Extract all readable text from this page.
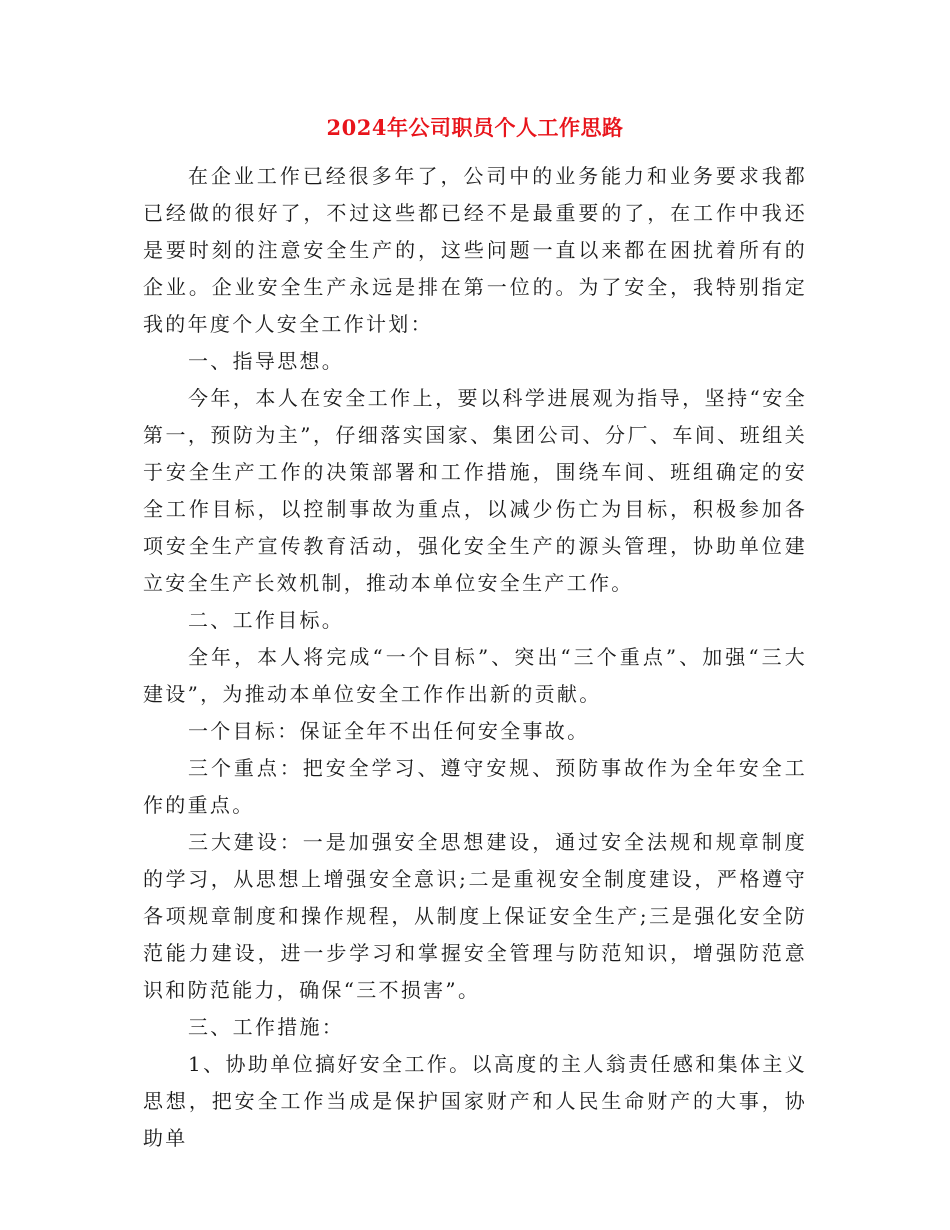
2024年公司职员个人工作思路

在企业工作已经很多年了，公司中的业务能力和业务要求我都已经做的很好了，不过这些都已经不是最重要的了，在工作中我还是要时刻的注意安全生产的，这些问题一直以来都在困扰着所有的企业。企业安全生产永远是排在第一位的。为了安全，我特别指定我的年度个人安全工作计划：

一、指导思想。

今年，本人在安全工作上，要以科学进展观为指导，坚持“安全第一，预防为主”，仔细落实国家、集团公司、分厂、车间、班组关于安全生产工作的决策部署和工作措施，围绕车间、班组确定的安全工作目标，以控制事故为重点，以减少伤亡为目标，积极参加各项安全生产宣传教育活动，强化安全生产的源头管理，协助单位建立安全生产长效机制，推动本单位安全生产工作。

二、工作目标。

全年，本人将完成“一个目标”、突出“三个重点”、加强“三大建设”，为推动本单位安全工作作出新的贡献。

一个目标：保证全年不出任何安全事故。

三个重点：把安全学习、遵守安规、预防事故作为全年安全工作的重点。

三大建设：一是加强安全思想建设，通过安全法规和规章制度的学习，从思想上增强安全意识;二是重视安全制度建设，严格遵守各项规章制度和操作规程，从制度上保证安全生产;三是强化安全防范能力建设，进一步学习和掌握安全管理与防范知识，增强防范意识和防范能力，确保“三不损害”。

三、工作措施：

1、协助单位搞好安全工作。以高度的主人翁责任感和集体主义思想，把安全工作当成是保护国家财产和人民生命财产的大事，协助单
